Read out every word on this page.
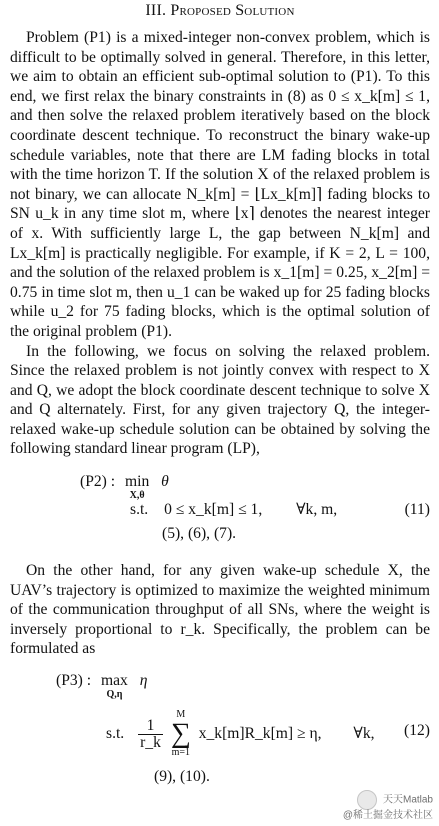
III. Proposed Solution

Problem (P1) is a mixed-integer non-convex problem, which is difficult to be optimally solved in general. Therefore, in this letter, we aim to obtain an efficient sub-optimal solution to (P1). To this end, we first relax the binary constraints in (8) as 0 ≤ x_k[m] ≤ 1, and then solve the relaxed problem iteratively based on the block coordinate descent technique. To reconstruct the binary wake-up schedule variables, note that there are LM fading blocks in total with the time horizon T. If the solution X of the relaxed problem is not binary, we can allocate N_k[m] = ⌊Lx_k[m]⌉ fading blocks to SN u_k in any time slot m, where ⌊x⌉ denotes the nearest integer of x. With sufficiently large L, the gap between N_k[m] and Lx_k[m] is practically negligible. For example, if K = 2, L = 100, and the solution of the relaxed problem is x_1[m] = 0.25, x_2[m] = 0.75 in time slot m, then u_1 can be waked up for 25 fading blocks while u_2 for 75 fading blocks, which is the optimal solution of the original problem (P1).

In the following, we focus on solving the relaxed problem. Since the relaxed problem is not jointly convex with respect to X and Q, we adopt the block coordinate descent technique to solve X and Q alternately. First, for any given trajectory Q, the integer-relaxed wake-up schedule solution can be obtained by solving the following standard linear program (LP),

(P2) : min

X,θ
θ
s.t. 0 ≤ x_k[m] ≤ 1, ∀k, m,	(11)
(5), (6), (7).

On the other hand, for any given wake-up schedule X, the UAV’s trajectory is optimized to maximize the weighted minimum of the communication throughput of all SNs, where the weight is inversely proportional to r_k. Specifically, the problem can be formulated as

(P3) : max

Q,η
η
s.t. $\frac{1}{r\_k}$

M
∑
m=1
x_k[m]R_k[m] ≥ η, ∀k, (12)
(9), (10).
天天Matlab
@稀土掘金技术社区
